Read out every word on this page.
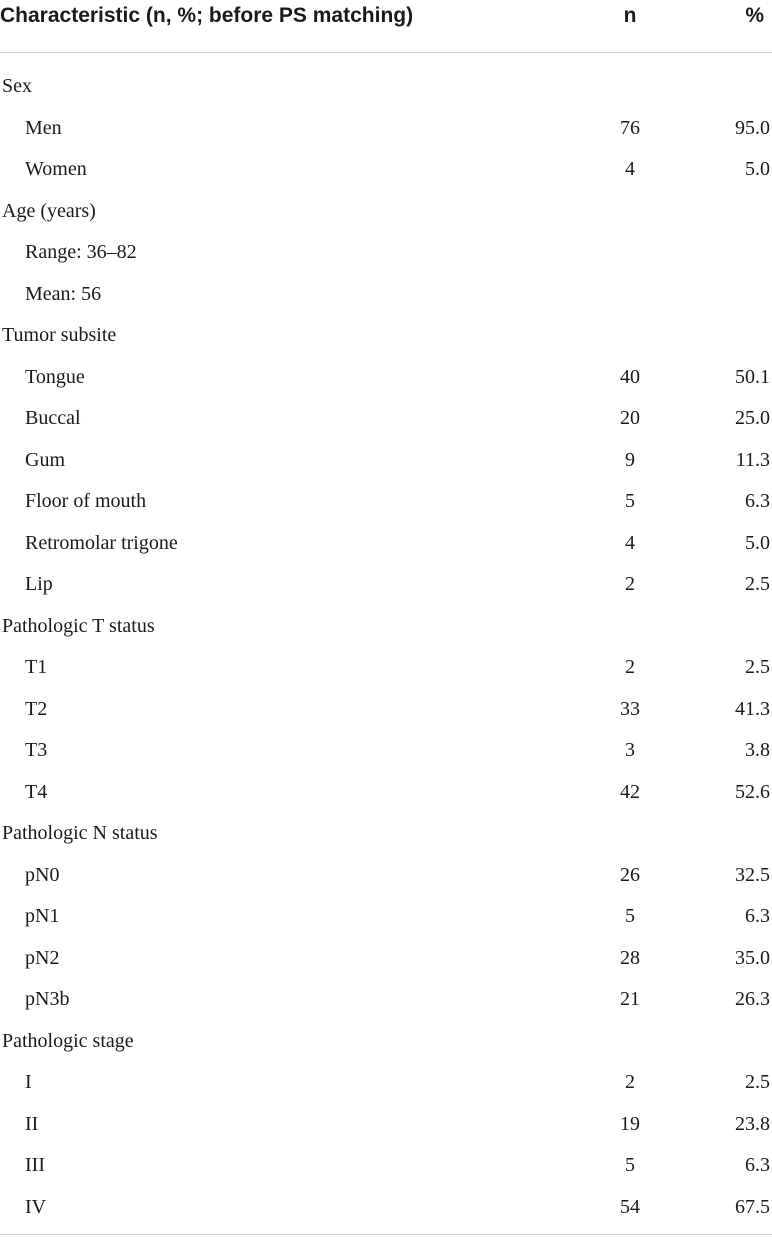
Characteristic (n, %; before PS matching)	n	%
Sex
Men	76	95.0
Women	4	5.0
Age (years)
Range: 36–82
Mean: 56
Tumor subsite
Tongue	40	50.1
Buccal	20	25.0
Gum	9	11.3
Floor of mouth	5	6.3
Retromolar trigone	4	5.0
Lip	2	2.5
Pathologic T status
T1	2	2.5
T2	33	41.3
T3	3	3.8
T4	42	52.6
Pathologic N status
pN0	26	32.5
pN1	5	6.3
pN2	28	35.0
pN3b	21	26.3
Pathologic stage
I	2	2.5
II	19	23.8
III	5	6.3
IV	54	67.5
